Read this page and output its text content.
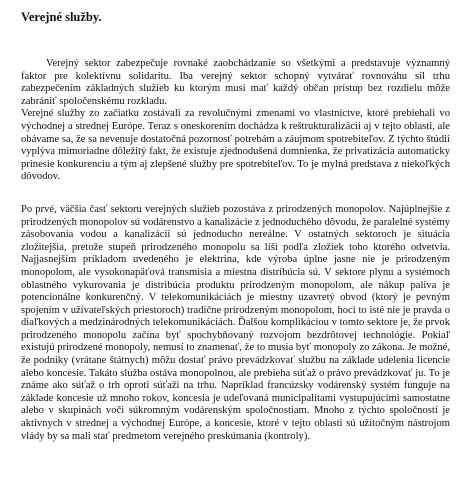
Verejné služby.

Verejný sektor zabezpečuje rovnaké zaobchádzanie so všetkými a predstavuje významný faktor pre kolektívnu solidaritu. Iba verejný sektor schopný vytvárať rovnováhu síl trhu zabezpečením základných služieb ku ktorým musí mať každý občan prístup bez rozdielu môže zabrániť spoločenskému rozkladu.

Verejné služby zo začiatku zostávali za revolučnými zmenami vo vlastníctve, ktoré prebiehali vo východnej a strednej Európe. Teraz s oneskorením dochádza k reštrukturalizácii aj v tejto oblasti, ale obávame sa, že sa nevenuje dostatočná pozornosť potrebám a záujmom spotrebiteľov. Z týchto štúdií vyplýva mimoriadne dôležitý fakt, že existuje zjednodušená domnienka, že privatizácia automaticky prinesie konkurenciu a tým aj zlepšené služby pre spotrebiteľov. To je mylná predstava z niekoľkých dôvodov.

Po prvé, väčšia časť sektoru verejných služieb pozostáva z prirodzených monopolov. Najúplnejšie z prirodzených monopolov sú vodárenstvo a kanalizácie z jednoduchého dôvodu, že paralelné systémy zásobovania vodou a kanalizácií sú jednoducho nereálne. V ostatných sektoroch je situácia zložitejšia, pretože stupeň prirodzeného monopolu sa líši podľa zložiek toho ktorého odvetvia. Najjasnejším príkladom uvedeného je elektrina, kde výroba úplne jasne nie je prirodzeným monopolom, ale vysokonapäťová transmisia a miestna distribúcia sú. V sektore plynu a systémoch oblastného vykurovania je distribúcia produktu prirodzeným monopolom, ale nákup paliva je potencionálne konkurenčný. V telekomunikáciách je miestny uzavretý obvod (ktorý je pevným spojením v užívateľských priestoroch) tradične prirodzeným monopolom, hoci to isté nie je pravda o diaľkových a medzinárodných telekomunikáciách. Ďalšou komplikáciou v tomto sektore je, že prvok prirodzeného monopolu začína byť spochybňovaný rozvojom bezdrôtovej technológie. Pokiaľ existujú prirodzené monopoly, nemusí to znamenať, že to musia byť monopoly zo zákona. Je možné, že podniky (vrátane štátnych) môžu dostať právo prevádzkovať službu na základe udelenia licencie alebo koncesie. Takáto služba ostáva monopolnou, ale prebieha súťaž o právo prevádzkovať ju. To je známe ako súťaž o trh oproti súťaži na trhu. Napríklad francúzsky vodárenský systém funguje na základe koncesie už mnoho rokov, koncesia je udeľovaná municipalitami vystupujúcimi samostatne alebo v skupinách voči súkromným vodárenským spoločnostiam. Mnoho z týchto spoločností je aktívnych v strednej a východnej Európe, a koncesie, ktoré v tejto oblasti sú užitočným nástrojom vlády by sa mali stať predmetom verejného preskúmania (kontroly).
